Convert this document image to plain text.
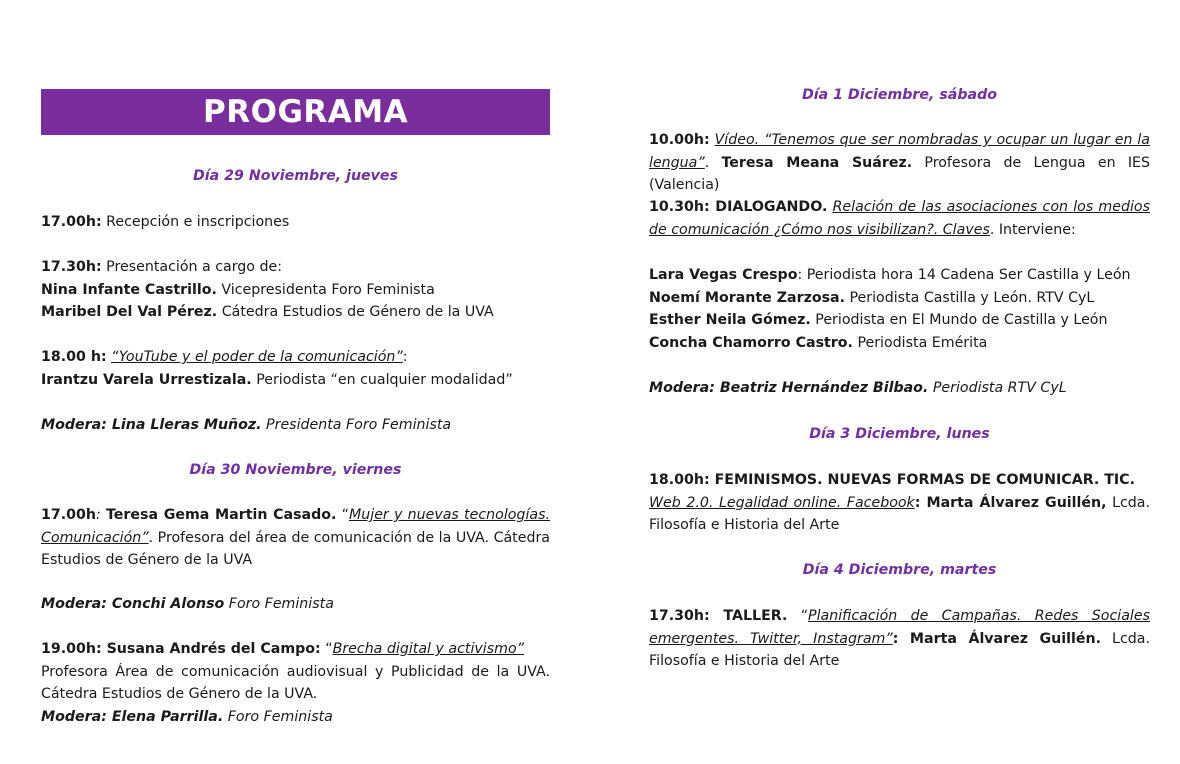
PROGRAMA
Día 29 Noviembre, jueves
17.00h: Recepción e inscripciones
17.30h: Presentación a cargo de:
Nina Infante Castrillo. Vicepresidenta Foro Feminista
Maribel Del Val Pérez. Cátedra Estudios de Género de la UVA
18.00 h: “YouTube y el poder de la comunicación”:
Irantzu Varela Urrestizala. Periodista “en cualquier modalidad”
Modera: Lina Lleras Muñoz. Presidenta Foro Feminista
Día 30 Noviembre, viernes
17.00h: Teresa Gema Martin Casado. “Mujer y nuevas tecnologías. Comunicación”. Profesora del área de comunicación de la UVA. Cátedra Estudios de Género de la UVA
Modera: Conchi Alonso Foro Feminista
19.00h: Susana Andrés del Campo: “Brecha digital y activismo”
Profesora Área de comunicación audiovisual y Publicidad de la UVA.
Cátedra Estudios de Género de la UVA.
Modera: Elena Parrilla. Foro Feminista
Día 1 Diciembre, sábado
10.00h: Vídeo. “Tenemos que ser nombradas y ocupar un lugar en la lengua”. Teresa Meana Suárez. Profesora de Lengua en IES (Valencia)
10.30h: DIALOGANDO. Relación de las asociaciones con los medios de comunicación ¿Cómo nos visibilizan?. Claves. Interviene:
Lara Vegas Crespo: Periodista hora 14 Cadena Ser Castilla y León
Noemí Morante Zarzosa. Periodista Castilla y León. RTV CyL
Esther Neila Gómez. Periodista en El Mundo de Castilla y León
Concha Chamorro Castro. Periodista Emérita
Modera: Beatriz Hernández Bilbao. Periodista RTV CyL
Día 3 Diciembre, lunes
18.00h: FEMINISMOS. NUEVAS FORMAS DE COMUNICAR. TIC.
Web 2.0. Legalidad online. Facebook: Marta Álvarez Guillén, Lcda. Filosofía e Historia del Arte
Día 4 Diciembre, martes
17.30h: TALLER. “Planificación de Campañas. Redes Sociales emergentes. Twitter, Instagram”: Marta Álvarez Guillén. Lcda. Filosofía e Historia del Arte
